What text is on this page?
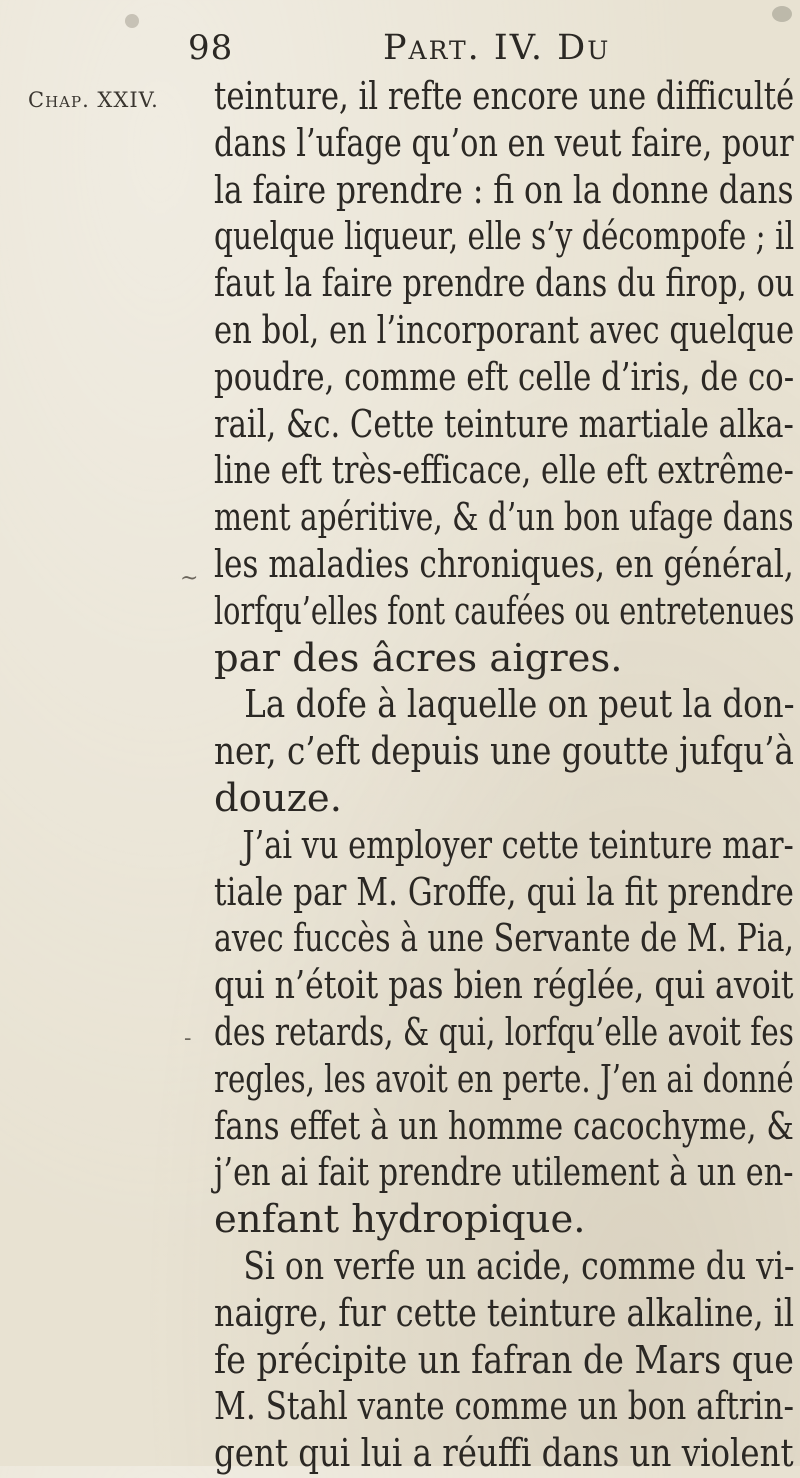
98	Part. IV. Du
Chap. XXIV.
~
-
teinture, il refte encore une difficulté
dans l’ufage qu’on en veut faire, pour
la faire prendre : fi on la donne dans
quelque liqueur, elle s’y décompofe ; il
faut la faire prendre dans du firop, ou
en bol, en l’incorporant avec quelque
poudre, comme eft celle d’iris, de co-
rail, &c. Cette teinture martiale alka-
line eft très-efficace, elle eft extrême-
ment apéritive, & d’un bon ufage dans
les maladies chroniques, en général,
lorfqu’elles font caufées ou entretenues
par des âcres aigres.
La dofe à laquelle on peut la don-
ner, c’eft depuis une goutte jufqu’à
douze.
J’ai vu employer cette teinture mar-
tiale par M. Groffe, qui la fit prendre
avec fuccès à une Servante de M. Pia,
qui n’étoit pas bien réglée, qui avoit
des retards, & qui, lorfqu’elle avoit fes
regles, les avoit en perte. J’en ai donné
fans effet à un homme cacochyme, &
j’en ai fait prendre utilement à un en-
enfant hydropique.
Si on verfe un acide, comme du vi-
naigre, fur cette teinture alkaline, il
fe précipite un fafran de Mars que
M. Stahl vante comme un bon aftrin-
gent qui lui a réuffi dans un violent
